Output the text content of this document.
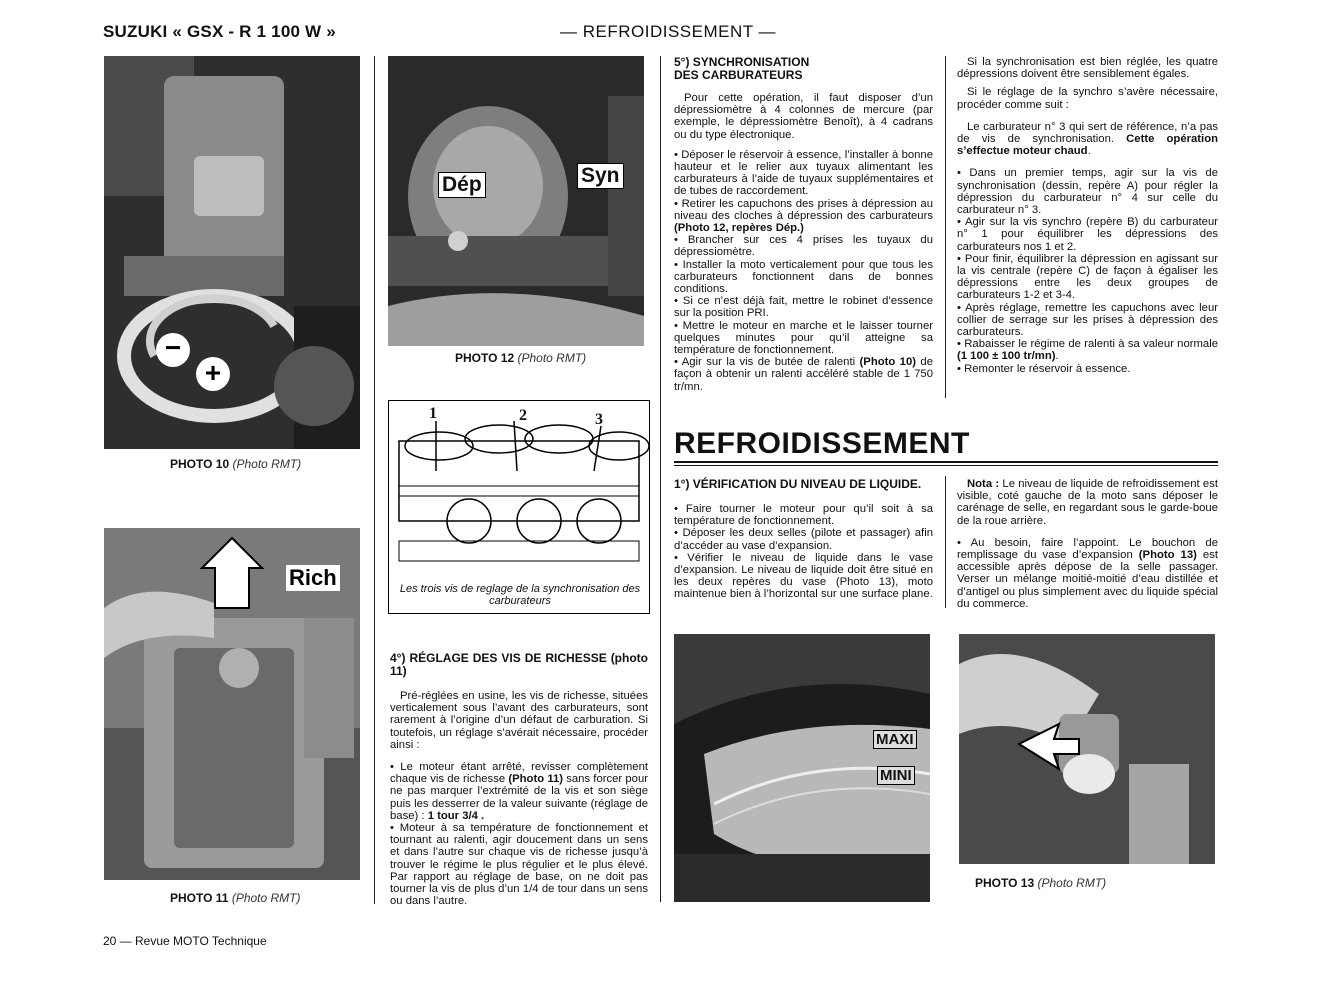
SUZUKI « GSX - R 1 100 W »	— REFROIDISSEMENT —
−
+
PHOTO 10 (Photo RMT)
Rich
PHOTO 11 (Photo RMT)
Dép	Syn
PHOTO 12 (Photo RMT)
1	2	3
Les trois vis de reglage de la synchronisation des carburateurs
4°) RÉGLAGE DES VIS DE RICHESSE (photo 11)

Pré-réglées en usine, les vis de richesse, situées verticalement sous l’avant des carburateurs, sont rarement à l’origine d’un défaut de carburation. Si toutefois, un réglage s’avérait nécessaire, procéder ainsi :

• Le moteur étant arrêté, revisser complètement chaque vis de richesse (Photo 11) sans forcer pour ne pas marquer l’extrémité de la vis et son siège puis les desserrer de la valeur suivante (réglage de base) : 1 tour 3/4 .

• Moteur à sa température de fonctionnement et tournant au ralenti, agir doucement dans un sens et dans l’autre sur chaque vis de richesse jusqu’à trouver le régime le plus régulier et le plus élevé. Par rapport au réglage de base, on ne doit pas tourner la vis de plus d’un 1/4 de tour dans un sens ou dans l’autre.

5°) SYNCHRONISATION
DES CARBURATEURS

Pour cette opération, il faut disposer d’un dépressiomètre à 4 colonnes de mercure (par exemple, le dépressiomètre Benoît), à 4 cadrans ou du type électronique.

• Déposer le réservoir à essence, l’installer à bonne hauteur et le relier aux tuyaux alimentant les carburateurs à l’aide de tuyaux supplémentaires et de tubes de raccordement.
• Retirer les capuchons des prises à dépression au niveau des cloches à dépression des carburateurs (Photo 12, repères Dép.)
• Brancher sur ces 4 prises les tuyaux du dépressiomètre.
• Installer la moto verticalement pour que tous les carburateurs fonctionnent dans de bonnes conditions.
• Si ce n’est déjà fait, mettre le robinet d’essence sur la position PRI.
• Mettre le moteur en marche et le laisser tourner quelques minutes pour qu’il atteigne sa température de fonctionnement.
• Agir sur la vis de butée de ralenti (Photo 10) de façon à obtenir un ralenti accéléré stable de 1 750 tr/mn.

Si la synchronisation est bien réglée, les quatre dépressions doivent être sensiblement égales.

Si le réglage de la synchro s’avère nécessaire, procéder comme suit :

Le carburateur n° 3 qui sert de référence, n’a pas de vis de synchronisation. Cette opération s’effectue moteur chaud.

• Dans un premier temps, agir sur la vis de synchronisation (dessin, repère A) pour régler la dépression du carburateur n° 4 sur celle du carburateur n° 3.
• Agir sur la vis synchro (repère B) du carburateur n° 1 pour équilibrer les dépressions des carburateurs nos 1 et 2.
• Pour finir, équilibrer la dépression en agissant sur la vis centrale (repère C) de façon à égaliser les dépressions entre les deux groupes de carburateurs 1-2 et 3-4.
• Après réglage, remettre les capuchons avec leur collier de serrage sur les prises à dépression des carburateurs.
• Rabaisser le régime de ralenti à sa valeur normale (1 100 ± 100 tr/mn).
• Remonter le réservoir à essence.
REFROIDISSEMENT
1°) VÉRIFICATION DU NIVEAU DE LIQUIDE.
• Faire tourner le moteur pour qu’il soit à sa température de fonctionnement.
• Déposer les deux selles (pilote et passager) afin d’accéder au vase d’expansion.
• Vérifier le niveau de liquide dans le vase d’expansion. Le niveau de liquide doit être situé en les deux repères du vase (Photo 13), moto maintenue bien à l’horizontal sur une surface plane.

Nota : Le niveau de liquide de refroidissement est visible, coté gauche de la moto sans déposer le carénage de selle, en regardant sous le garde-boue de la roue arrière.

• Au besoin, faire l’appoint. Le bouchon de remplissage du vase d’expansion (Photo 13) est accessible après dépose de la selle passager. Verser un mélange moitié-moitié d’eau distillée et d’antigel ou plus simplement avec du liquide spécial du commerce.
MAXI
MINI
PHOTO 13 (Photo RMT)
20 — Revue MOTO Technique
